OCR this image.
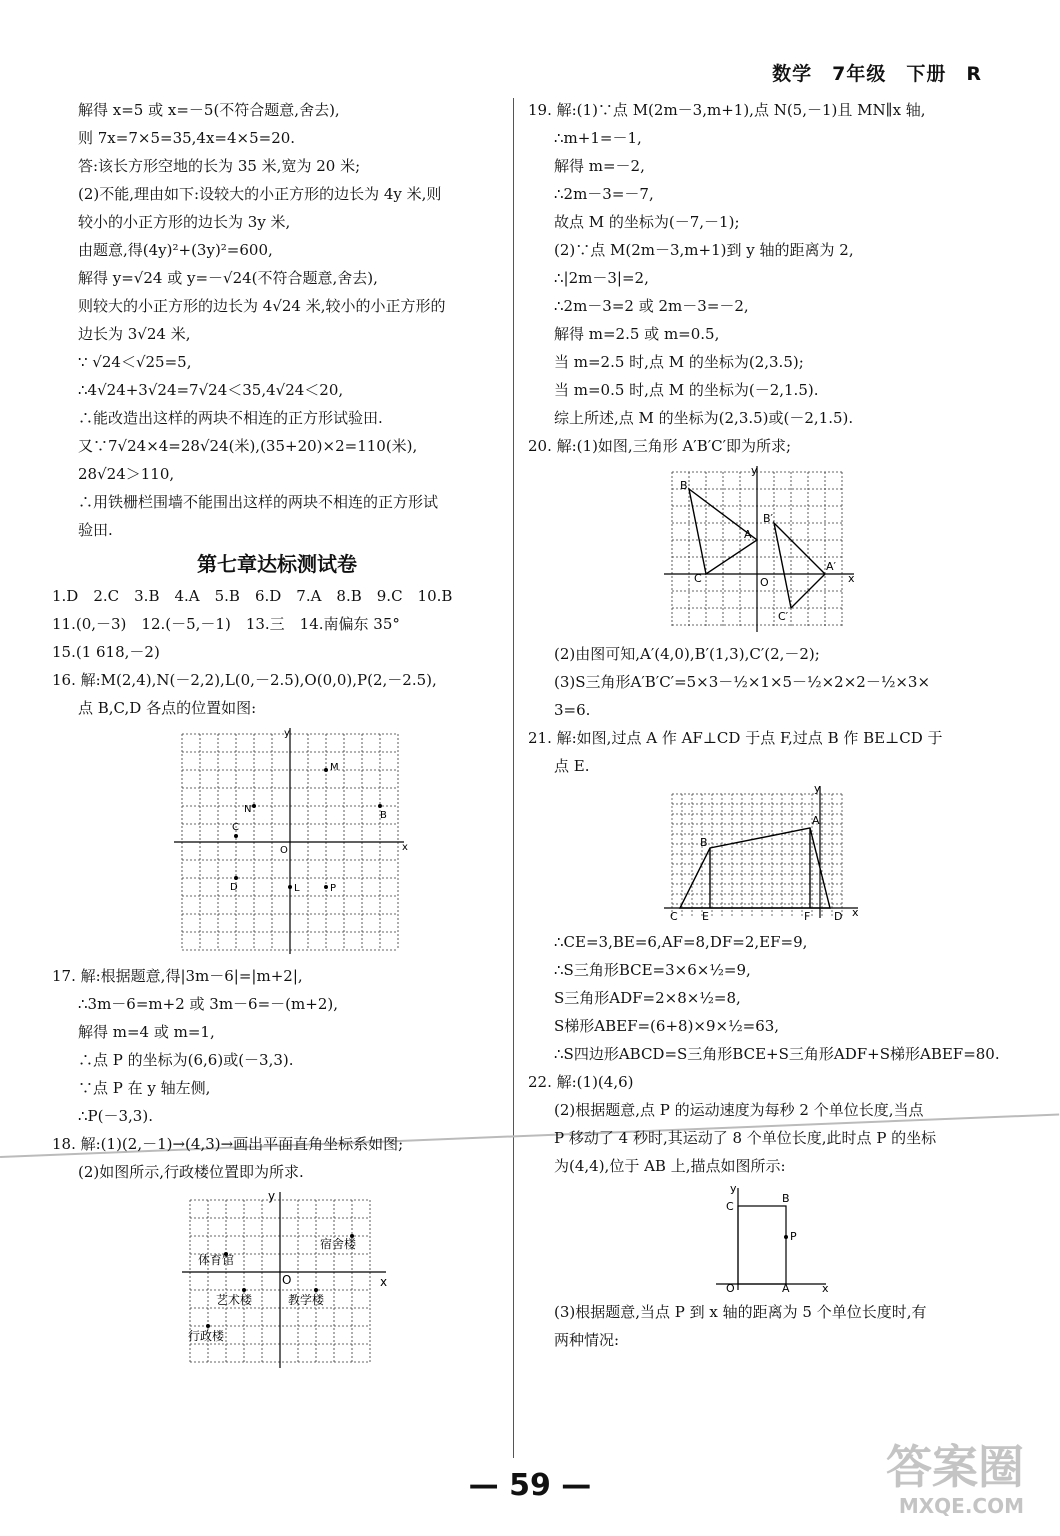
数学　7年级　下册　R
解得 x=5 或 x=－5(不符合题意,舍去),
则 7x=7×5=35,4x=4×5=20.
答:该长方形空地的长为 35 米,宽为 20 米;
(2)不能,理由如下:设较大的小正方形的边长为 4y 米,则
较小的小正方形的边长为 3y 米,
由题意,得(4y)²+(3y)²=600,
解得 y=√24 或 y=－√24(不符合题意,舍去),
则较大的小正方形的边长为 4√24 米,较小的小正方形的
边长为 3√24 米,
∵ √24＜√25=5,
∴4√24+3√24=7√24＜35,4√24＜20,
∴能改造出这样的两块不相连的正方形试验田.
又∵7√24×4=28√24(米),(35+20)×2=110(米),
28√24＞110,
∴用铁栅栏围墙不能围出这样的两块不相连的正方形试
验田.
第七章达标测试卷
1.D　2.C　3.B　4.A　5.B　6.D　7.A　8.B　9.C　10.B
11.(0,－3)　12.(－5,－1)　13.三　14.南偏东 35°
15.(1 618,－2)
16. 解:M(2,4),N(－2,2),L(0,－2.5),O(0,0),P(2,－2.5),
点 B,C,D 各点的位置如图:
y
x
O
M
N
B
C
D	L	P
17. 解:根据题意,得|3m－6|=|m+2|,
∴3m－6=m+2 或 3m－6=－(m+2),
解得 m=4 或 m=1,
∴点 P 的坐标为(6,6)或(－3,3).
∵点 P 在 y 轴左侧,
∴P(－3,3).
18. 解:(1)(2,－1)→(4,3)→画出平面直角坐标系如图;
(2)如图所示,行政楼位置即为所求.
y
x
O
宿舍楼
体育馆
艺术楼	教学楼
行政楼
19. 解:(1)∵点 M(2m－3,m+1),点 N(5,－1)且 MN∥x 轴,
∴m+1=－1,
解得 m=－2,
∴2m－3=－7,
故点 M 的坐标为(－7,－1);
(2)∵点 M(2m－3,m+1)到 y 轴的距离为 2,
∴|2m－3|=2,
∴2m－3=2 或 2m－3=－2,
解得 m=2.5 或 m=0.5,
当 m=2.5 时,点 M 的坐标为(2,3.5);
当 m=0.5 时,点 M 的坐标为(－2,1.5).
综上所述,点 M 的坐标为(2,3.5)或(－2,1.5).
20. 解:(1)如图,三角形 A′B′C′即为所求;
y
x
O
B
A
C
B′
A′
C′
(2)由图可知,A′(4,0),B′(1,3),C′(2,－2);
(3)S三角形A′B′C′=5×3－½×1×5－½×2×2－½×3×
3=6.
21. 解:如图,过点 A 作 AF⊥CD 于点 F,过点 B 作 BE⊥CD 于
点 E.
y
x
B
A
C E	F D
∴CE=3,BE=6,AF=8,DF=2,EF=9,
∴S三角形BCE=3×6×½=9,
S三角形ADF=2×8×½=8,
S梯形ABEF=(6+8)×9×½=63,
∴S四边形ABCD=S三角形BCE+S三角形ADF+S梯形ABEF=80.
22. 解:(1)(4,6)
(2)根据题意,点 P 的运动速度为每秒 2 个单位长度,当点
P 移动了 4 秒时,其运动了 8 个单位长度,此时点 P 的坐标
为(4,4),位于 AB 上,描点如图所示:
y
x
O	A
B
C
P
(3)根据题意,当点 P 到 x 轴的距离为 5 个单位长度时,有
两种情况:
— 59 —	答案圈
MXQE.COM
